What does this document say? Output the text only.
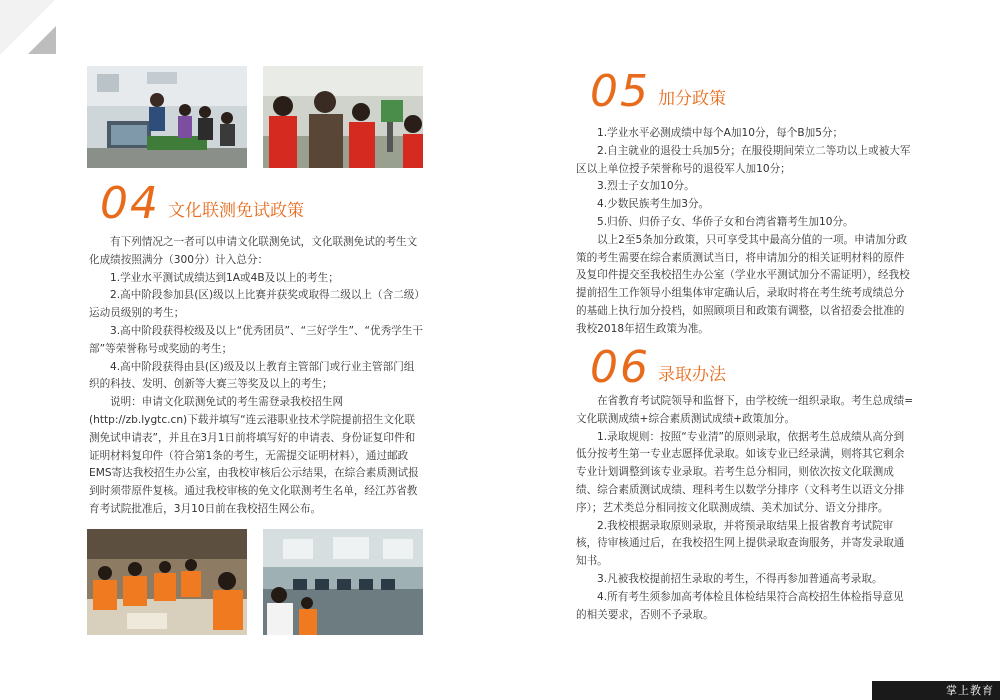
04 文化联测免试政策

有下列情况之一者可以申请文化联测免试，文化联测免试的考生文化成绩按照满分（300分）计入总分：

1.学业水平测试成绩达到1A或4B及以上的考生；

2.高中阶段参加县(区)级以上比赛并获奖或取得二级以上（含二级）运动员级别的考生；

3.高中阶段获得校级及以上“优秀团员”、“三好学生”、“优秀学生干部”等荣誉称号或奖励的考生；

4.高中阶段获得由县(区)级及以上教育主管部门或行业主管部门组织的科技、发明、创新等大赛三等奖及以上的考生；

说明：申请文化联测免试的考生需登录我校招生网(http://zb.lygtc.cn)下载并填写“连云港职业技术学院提前招生文化联测免试申请表”，并且在3月1日前将填写好的申请表、身份证复印件和证明材料复印件（符合第1条的考生，无需提交证明材料），通过邮政EMS寄达我校招生办公室，由我校审核后公示结果，在综合素质测试报到时须带原件复核。通过我校审核的免文化联测考生名单，经江苏省教育考试院批准后，3月10日前在我校招生网公布。

05 加分政策

1.学业水平必测成绩中每个A加10分，每个B加5分；

2.自主就业的退役士兵加5分；在服役期间荣立二等功以上或被大军区以上单位授予荣誉称号的退役军人加10分；

3.烈士子女加10分。

4.少数民族考生加3分。

5.归侨、归侨子女、华侨子女和台湾省籍考生加10分。

以上2至5条加分政策，只可享受其中最高分值的一项。申请加分政策的考生需要在综合素质测试当日，将申请加分的相关证明材料的原件及复印件提交至我校招生办公室（学业水平测试加分不需证明），经我校提前招生工作领导小组集体审定确认后，录取时将在考生统考成绩总分的基础上执行加分投档，如照顾项目和政策有调整，以省招委会批准的我校2018年招生政策为准。

06 录取办法

在省教育考试院领导和监督下，由学校统一组织录取。考生总成绩=文化联测成绩+综合素质测试成绩+政策加分。

1.录取规则：按照“专业清”的原则录取，依据考生总成绩从高分到低分按考生第一专业志愿择优录取。如该专业已经录满，则将其它剩余专业计划调整到该专业录取。若考生总分相同，则依次按文化联测成绩、综合素质测试成绩、理科考生以数学分排序（文科考生以语文分排序）；艺术类总分相同按文化联测成绩、美术加试分、语文分排序。

2.我校根据录取原则录取，并将预录取结果上报省教育考试院审核，待审核通过后，在我校招生网上提供录取查询服务，并寄发录取通知书。

3.凡被我校提前招生录取的考生，不得再参加普通高考录取。

4.所有考生须参加高考体检且体检结果符合高校招生体检指导意见的相关要求，否则不予录取。

掌上教育
